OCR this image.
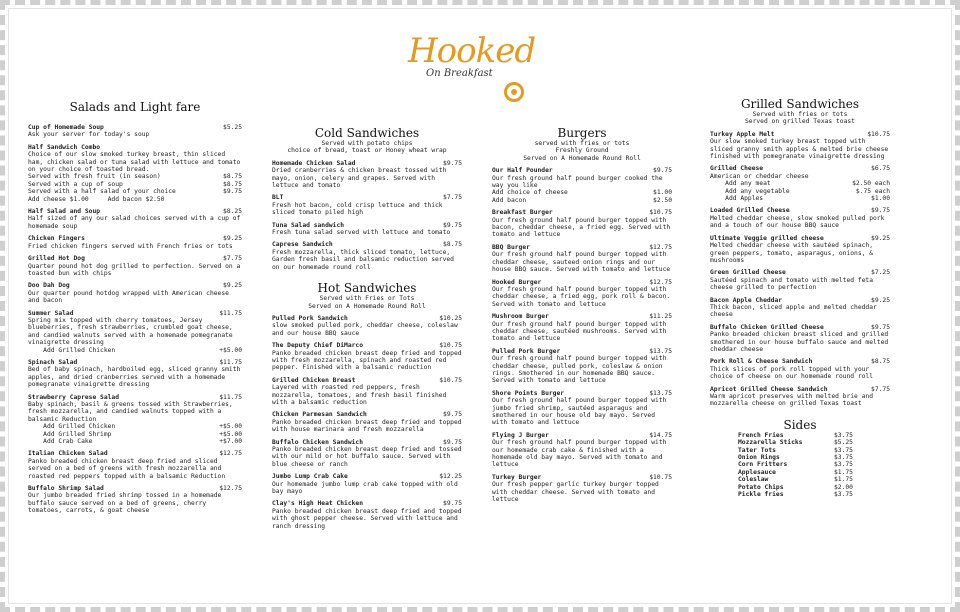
Hooked
On Breakfast
Salads and Light fare
Cup of Homemade Soup	$5.25
Ask your server for today's soup
Half Sandwich Combo
Choice of our slow smoked turkey breast, thin sliced ham, chicken salad or tuna salad with lettuce and tomato on your choice of toasted bread.
Served with fresh fruit (in season)	$8.75
Served with a cup of soup	$8.75
Served with a half salad of your choice	$9.75
Add cheese $1.00     Add bacon $2.50
Half Salad and Soup	$8.25
Half sized of any our salad choices served with a cup of homemade soup
Chicken Fingers	$9.25
Fried chicken fingers served with French fries or tots
Grilled Hot Dog	$7.75
Quarter pound hot dog grilled to perfection. Served on a toasted bun with chips
Doo Dah Dog	$9.25
Our quarter pound hotdog wrapped with American cheese and bacon
Summer Salad	$11.75
Spring mix topped with cherry tomatoes, Jersey blueberries, fresh strawberries, crumbled goat cheese, and candied walnuts served with a homemade pomegranate vinaigrette dressing
Add Grilled Chicken	+$5.00
Spinach Salad	$11.75
Bed of baby spinach, hardboiled egg, sliced granny smith apples, and dried cranberries served with a homemade pomegranate vinaigrette dressing
Strawberry Caprese Salad	$11.75
Baby spinach, basil & greens tossed with Strawberries, fresh mozzarella, and candied walnuts topped with a balsamic Reduction
Add Grilled Chicken	+$5.00
Add Grilled Shrimp	+$5.00
Add Crab Cake	+$7.00
Italian Chicken Salad	$12.75
Panko breaded chicken breast deep fried and sliced served on a bed of greens with fresh mozzarella and roasted red peppers topped with a balsamic Reduction
Buffalo Shrimp Salad	$12.75
Our jumbo breaded fried shrimp tossed in a homemade buffalo sauce served on a bed of greens, cherry tomatoes, carrots, & goat cheese
Cold Sandwiches
Served with potato chips
choice of bread, toast or Honey wheat wrap
Homemade Chicken Salad	$9.75
Dried cranberries & chicken breast tossed with mayo, onion, celery and grapes. Served with lettuce and tomato
BLT	$7.75
Fresh hot bacon, cold crisp lettuce and thick sliced tomato piled high
Tuna Salad sandwich	$9.75
Fresh tuna salad served with lettuce and tomato
Caprese Sandwich	$8.75
Fresh mozzarella, thick sliced tomato, lettuce, Garden fresh basil and balsamic reduction served on our homemade round roll
Hot Sandwiches
Served with Fries or Tots
Served on A Homemade Round Roll
Pulled Pork Sandwich	$10.25
slow smoked pulled pork, cheddar cheese, coleslaw and our house BBQ sauce
The Deputy Chief DiMarco	$10.75
Panko breaded chicken breast deep fried and topped with fresh mozzarella, spinach and roasted red pepper. Finished with a balsamic reduction
Grilled Chicken Breast	$10.75
Layered with roasted red peppers, fresh mozzarella, tomatoes, and fresh basil finished with a balsamic reduction
Chicken Parmesan Sandwich	$9.75
Panko breaded chicken breast deep fried and topped with house marinara and fresh mozzarella
Buffalo Chicken Sandwich	$9.75
Panko breaded chicken breast deep fried and tossed with our mild or hot buffalo sauce. Served with blue cheese or ranch
Jumbo Lump Crab Cake	$12.25
Our homemade jumbo lump crab cake topped with old bay mayo
Clay's High Heat Chicken	$9.75
Panko breaded chicken breast deep fried and topped with ghost pepper cheese. Served with lettuce and ranch dressing
Burgers
served with fries or tots
Freshly Ground
Served on A Homemade Round Roll
Our Half Pounder	$9.75
Our fresh ground half pound burger cooked the way you like
Add choice of cheese	$1.00
Add bacon	$2.50
Breakfast Burger	$10.75
Our fresh ground half pound burger topped with bacon, cheddar cheese, a fried egg. Served with tomato and lettuce
BBQ Burger	$12.75
Our fresh ground half pound burger topped with cheddar cheese, sauteed onion rings and our house BBQ sauce. Served with tomato and lettuce
Hooked Burger	$12.75
Our fresh ground half pound burger topped with cheddar cheese, a fried egg, pork roll & bacon. Served with tomato and lettuce
Mushroom Burger	$11.25
Our fresh ground half pound burger topped with cheddar cheese, sautéed mushrooms. Served with tomato and lettuce
Pulled Pork Burger	$13.75
Our fresh ground half pound burger topped with cheddar cheese, pulled pork, coleslaw & onion rings. Smothered in our homemade BBQ sauce. Served with tomato and lettuce
Shore Points Burger	$13.75
Our fresh ground half pound burger topped with jumbo fried shrimp, sautéed asparagus and smothered in our house old bay mayo. Served with tomato and lettuce
Flying J Burger	$14.75
Our fresh ground half pound burger topped with our homemade crab cake & finished with a homemade old bay mayo. Served with tomato and lettuce
Turkey Burger	$10.75
Our fresh pepper garlic turkey burger topped with cheddar cheese. Served with tomato and lettuce
Grilled Sandwiches
Served with fries or tots
Served on grilled Texas toast
Turkey Apple Melt	$10.75
Our slow smoked turkey breast topped with sliced granny smith apples & melted brie cheese finished with pomegranate vinaigrette dressing
Grilled Cheese	$6.75
American or cheddar cheese
Add any meat	$2.50 each
Add any vegetable	$.75 each
Add Apples	$1.00
Loaded Grilled Cheese	$9.75
Melted cheddar cheese, slow smoked pulled pork and a touch of our house BBQ sauce
Ultimate Veggie grilled cheese	$9.25
Melted cheddar cheese with sautéed spinach, green peppers, tomato, asparagus, onions, & mushrooms
Green Grilled Cheese	$7.25
Sautéed spinach and tomato with melted feta cheese grilled to perfection
Bacon Apple Cheddar	$9.25
Thick bacon, sliced apple and melted cheddar cheese
Buffalo Chicken Grilled Cheese	$9.75
Panko breaded chicken breast sliced and grilled smothered in our house buffalo sauce and melted cheddar cheese
Pork Roll & Cheese Sandwich	$8.75
Thick slices of pork roll topped with your choice of cheese on our homemade round roll
Apricot Grilled Cheese Sandwich	$7.75
Warm apricot preserves with melted brie and mozzarella cheese on grilled Texas toast
Sides
French Fries	$3.75
Mozzarella Sticks	$5.25
Tater Tots	$3.75
Onion Rings	$3.75
Corn Fritters	$3.75
Applesauce	$1.75
Coleslaw	$1.75
Potato Chips	$2.00
Pickle fries	$3.75
